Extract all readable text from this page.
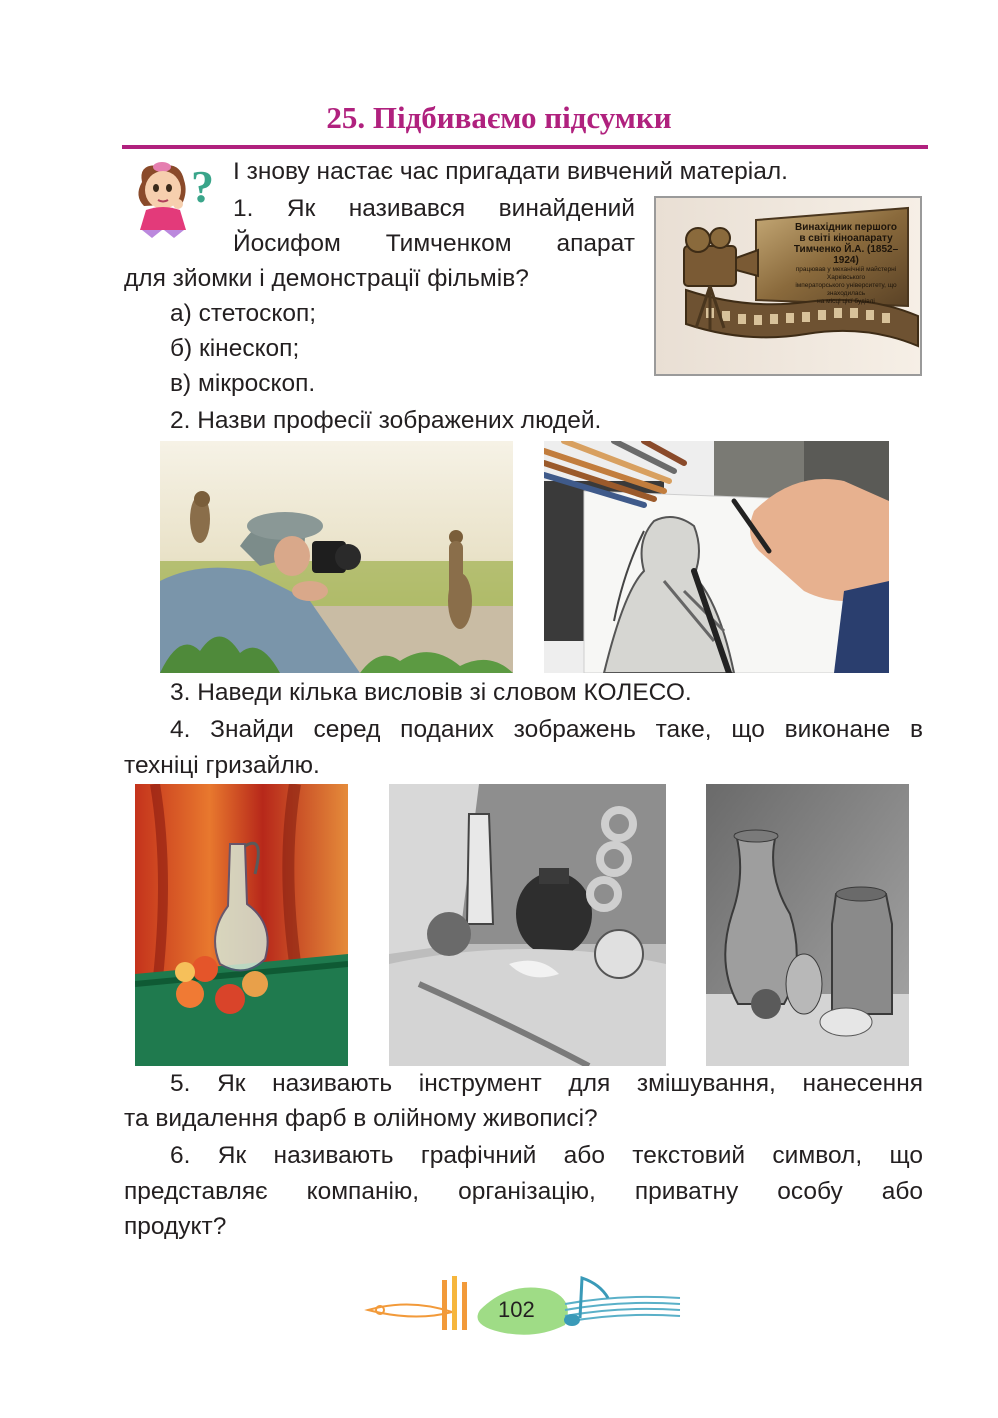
25. Підбиваємо підсумки
? І знову настає час пригадати вивчений матеріал.
1. Як називався винайдений
Йосифом Тимченком апарат
для зйомки і демонстрації фільмів?
а) стетоскоп;
б) кінескоп;
в) мікроскоп.
Винахідник першого
в світі кіноапарату
Тимченко Й.А. (1852–1924)
працював у механічній майстерні Харківського
імператорського університету, що знаходилась
на місці цієї будівлі
2. Назви професії зображених людей.
3. Наведи кілька висловів зі словом КОЛЕСО.
4. Знайди серед поданих зображень таке, що виконане в
техніці гризайлю.
5. Як називають інструмент для змішування, нанесення
та видалення фарб в олійному живописі?
6. Як називають графічний або текстовий символ, що
представляє компанію, організацію, приватну особу або
продукт?
102
